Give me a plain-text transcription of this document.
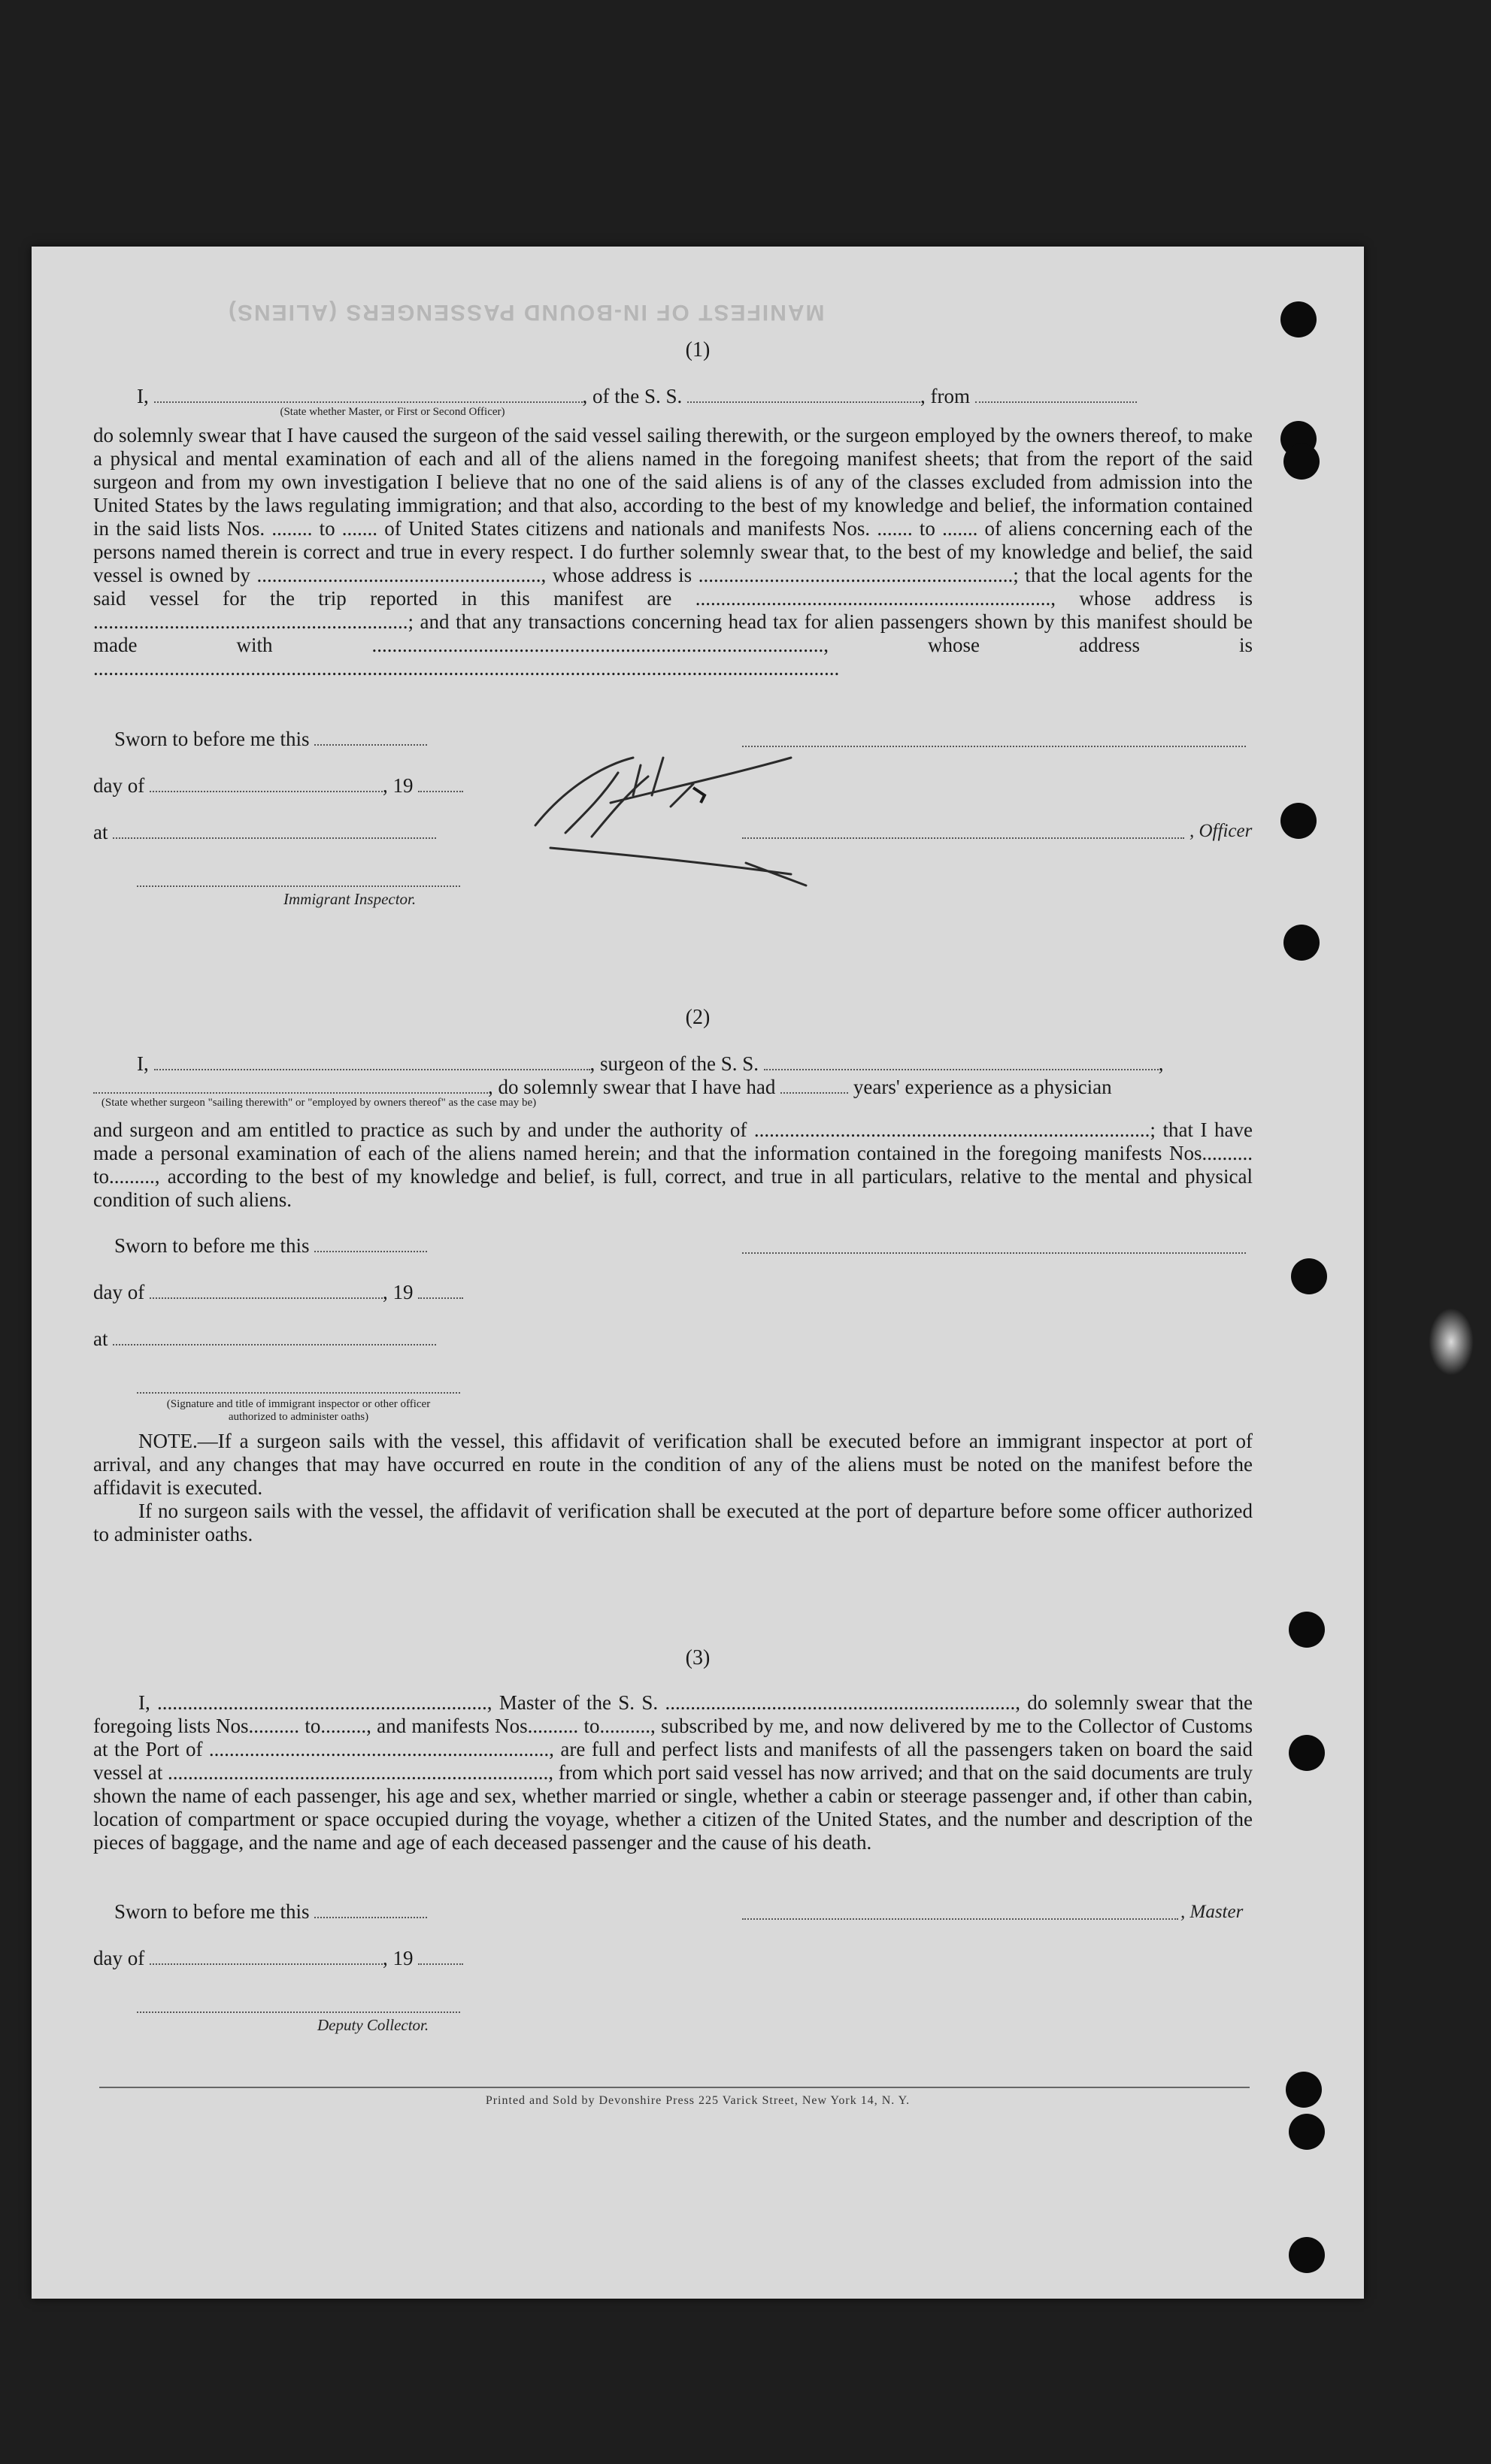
MANIFEST OF IN-BOUND PASSENGERS (ALIENS)
(1)
I,	, of the S. S.	, from
(State whether Master, or First or Second Officer)

do solemnly swear that I have caused the surgeon of the said vessel sailing therewith, or the surgeon employed by the owners thereof, to make a physical and mental examination of each and all of the aliens named in the foregoing manifest sheets; that from the report of the said surgeon and from my own investigation I believe that no one of the said aliens is of any of the classes excluded from admission into the United States by the laws regulating immigration; and that also, according to the best of my knowledge and belief, the information contained in the said lists Nos. ........ to ....... of United States citizens and nationals and manifests Nos. ....... to ....... of aliens concerning each of the persons named therein is correct and true in every respect. I do further solemnly swear that, to the best of my knowledge and belief, the said vessel is owned by ........................................................, whose address is ..............................................................; that the local agents for the said vessel for the trip reported in this manifest are ......................................................................, whose address is ..............................................................; and that any transactions concerning head tax for alien passengers shown by this manifest should be made with ........................................................................................., whose address is ...................................................................................................................................................

Sworn to before me this
day of	, 19
at	, Officer
Immigrant Inspector.
(2)
I,	, surgeon of the S. S.	,
, do solemnly swear that I have had	years' experience as a physician
(State whether surgeon "sailing therewith" or "employed by owners thereof" as the case may be)

and surgeon and am entitled to practice as such by and under the authority of ..............................................................................; that I have made a personal examination of each of the aliens named herein; and that the information contained in the foregoing manifests Nos.......... to........., according to the best of my knowledge and belief, is full, correct, and true in all particulars, relative to the mental and physical condition of such aliens.

Sworn to before me this
day of	, 19
at
(Signature and title of immigrant inspector or other officer authorized to administer oaths)

NOTE.—If a surgeon sails with the vessel, this affidavit of verification shall be executed before an immigrant inspector at port of arrival, and any changes that may have occurred en route in the condition of any of the aliens must be noted on the manifest before the affidavit is executed.

If no surgeon sails with the vessel, the affidavit of verification shall be executed at the port of departure before some officer authorized to administer oaths.

(3)

I, ................................................................., Master of the S. S. ....................................................................., do solemnly swear that the foregoing lists Nos.......... to........., and manifests Nos.......... to.........., subscribed by me, and now delivered by me to the Collector of Customs at the Port of ..................................................................., are full and perfect lists and manifests of all the passengers taken on board the said vessel at ..........................................................................., from which port said vessel has now arrived; and that on the said documents are truly shown the name of each passenger, his age and sex, whether married or single, whether a cabin or steerage passenger and, if other than cabin, location of compartment or space occupied during the voyage, whether a citizen of the United States, and the number and description of the pieces of baggage, and the name and age of each deceased passenger and the cause of his death.

Sworn to before me this	, Master
day of	, 19
Deputy Collector.
Printed and Sold by Devonshire Press 225 Varick Street, New York 14, N. Y.
